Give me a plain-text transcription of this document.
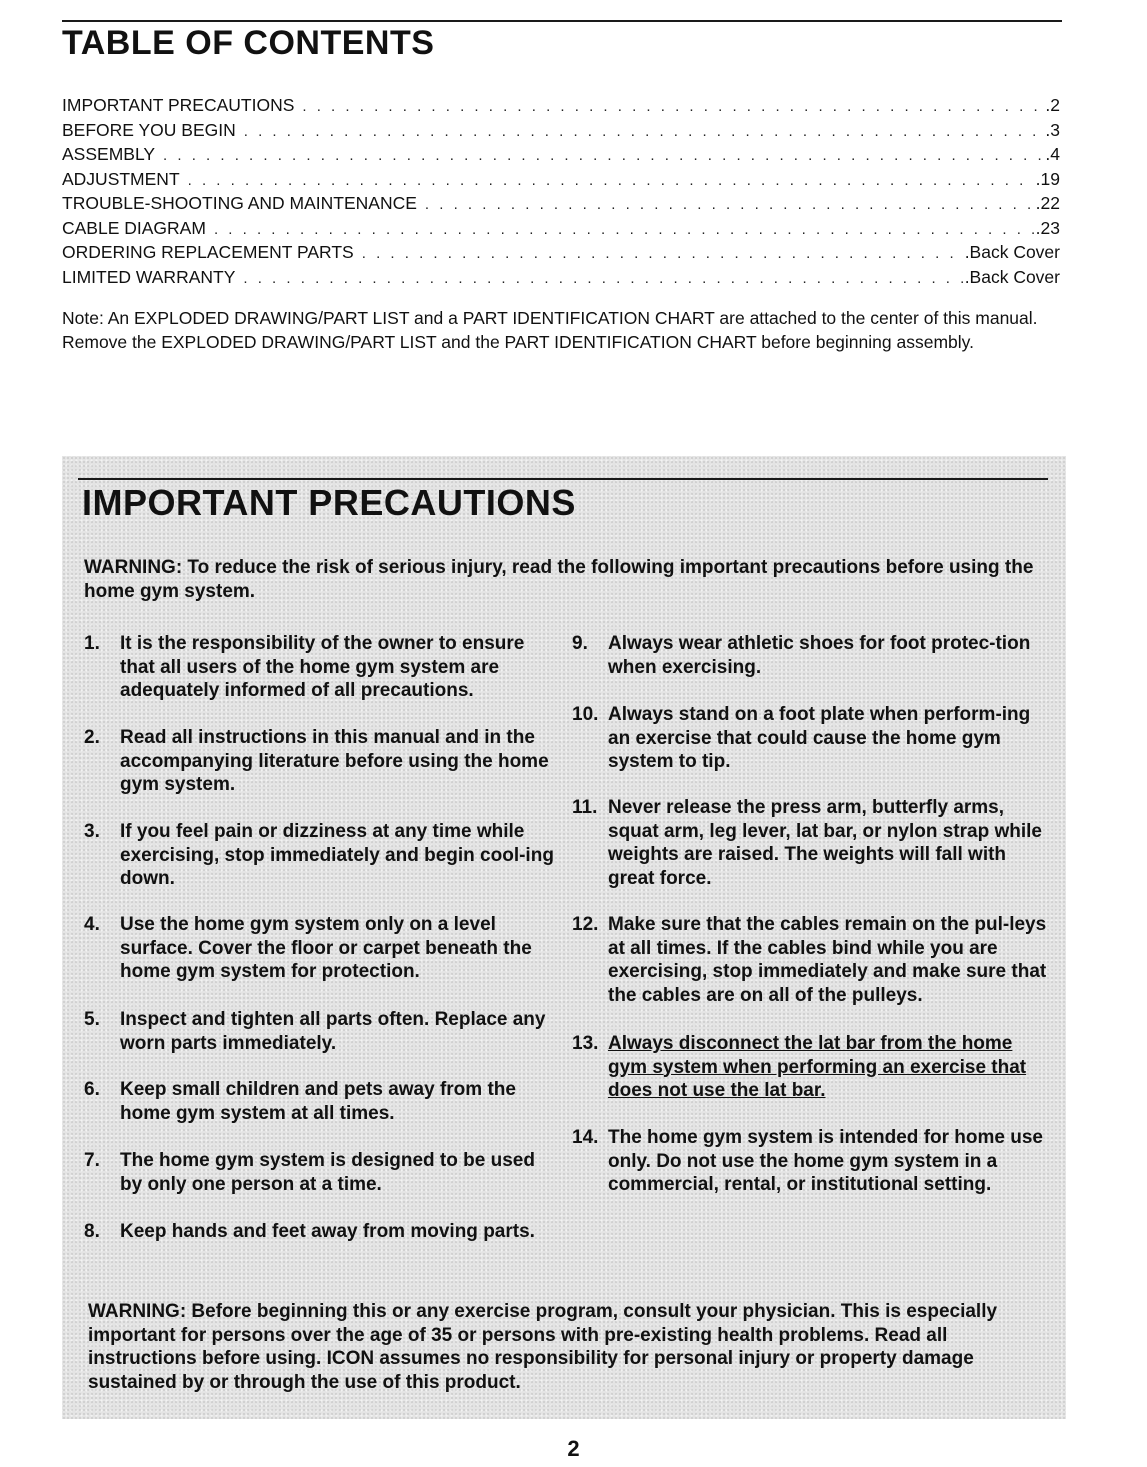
TABLE OF CONTENTS
IMPORTANT PRECAUTIONS . . .	.2
BEFORE YOU BEGIN . . .	.3
ASSEMBLY . . .	.4
ADJUSTMENT . . .	.19
TROUBLE-SHOOTING AND MAINTENANCE . . .	.22
CABLE DIAGRAM . . .	.23
ORDERING REPLACEMENT PARTS . . .	.Back Cover
LIMITED WARRANTY . . .	.Back Cover

Note: An EXPLODED DRAWING/PART LIST and a PART IDENTIFICATION CHART are attached to the center of this manual. Remove the EXPLODED DRAWING/PART LIST and the PART IDENTIFICATION CHART before beginning assembly.

IMPORTANT PRECAUTIONS

WARNING: To reduce the risk of serious injury, read the following important precautions before using the home gym system.

1.	It is the responsibility of the owner to ensure that all users of the home gym system are adequately informed of all precautions.
2.	Read all instructions in this manual and in the accompanying literature before using the home gym system.
3.	If you feel pain or dizziness at any time while exercising, stop immediately and begin cool-ing down.
4.	Use the home gym system only on a level surface. Cover the floor or carpet beneath the home gym system for protection.
5.	Inspect and tighten all parts often. Replace any worn parts immediately.
6.	Keep small children and pets away from the home gym system at all times.
7.	The home gym system is designed to be used by only one person at a time.
8.	Keep hands and feet away from moving parts.
9.	Always wear athletic shoes for foot protec-tion when exercising.
10. Always stand on a foot plate when perform-ing an exercise that could cause the home gym system to tip.
11. Never release the press arm, butterfly arms, squat arm, leg lever, lat bar, or nylon strap while weights are raised. The weights will fall with great force.
12. Make sure that the cables remain on the pul-leys at all times. If the cables bind while you are exercising, stop immediately and make sure that the cables are on all of the pulleys.
13. Always disconnect the lat bar from the home gym system when performing an exercise that does not use the lat bar.
14. The home gym system is intended for home use only. Do not use the home gym system in a commercial, rental, or institutional setting.

WARNING: Before beginning this or any exercise program, consult your physician. This is especially important for persons over the age of 35 or persons with pre-existing health problems. Read all instructions before using. ICON assumes no responsibility for personal injury or property damage sustained by or through the use of this product.

2
